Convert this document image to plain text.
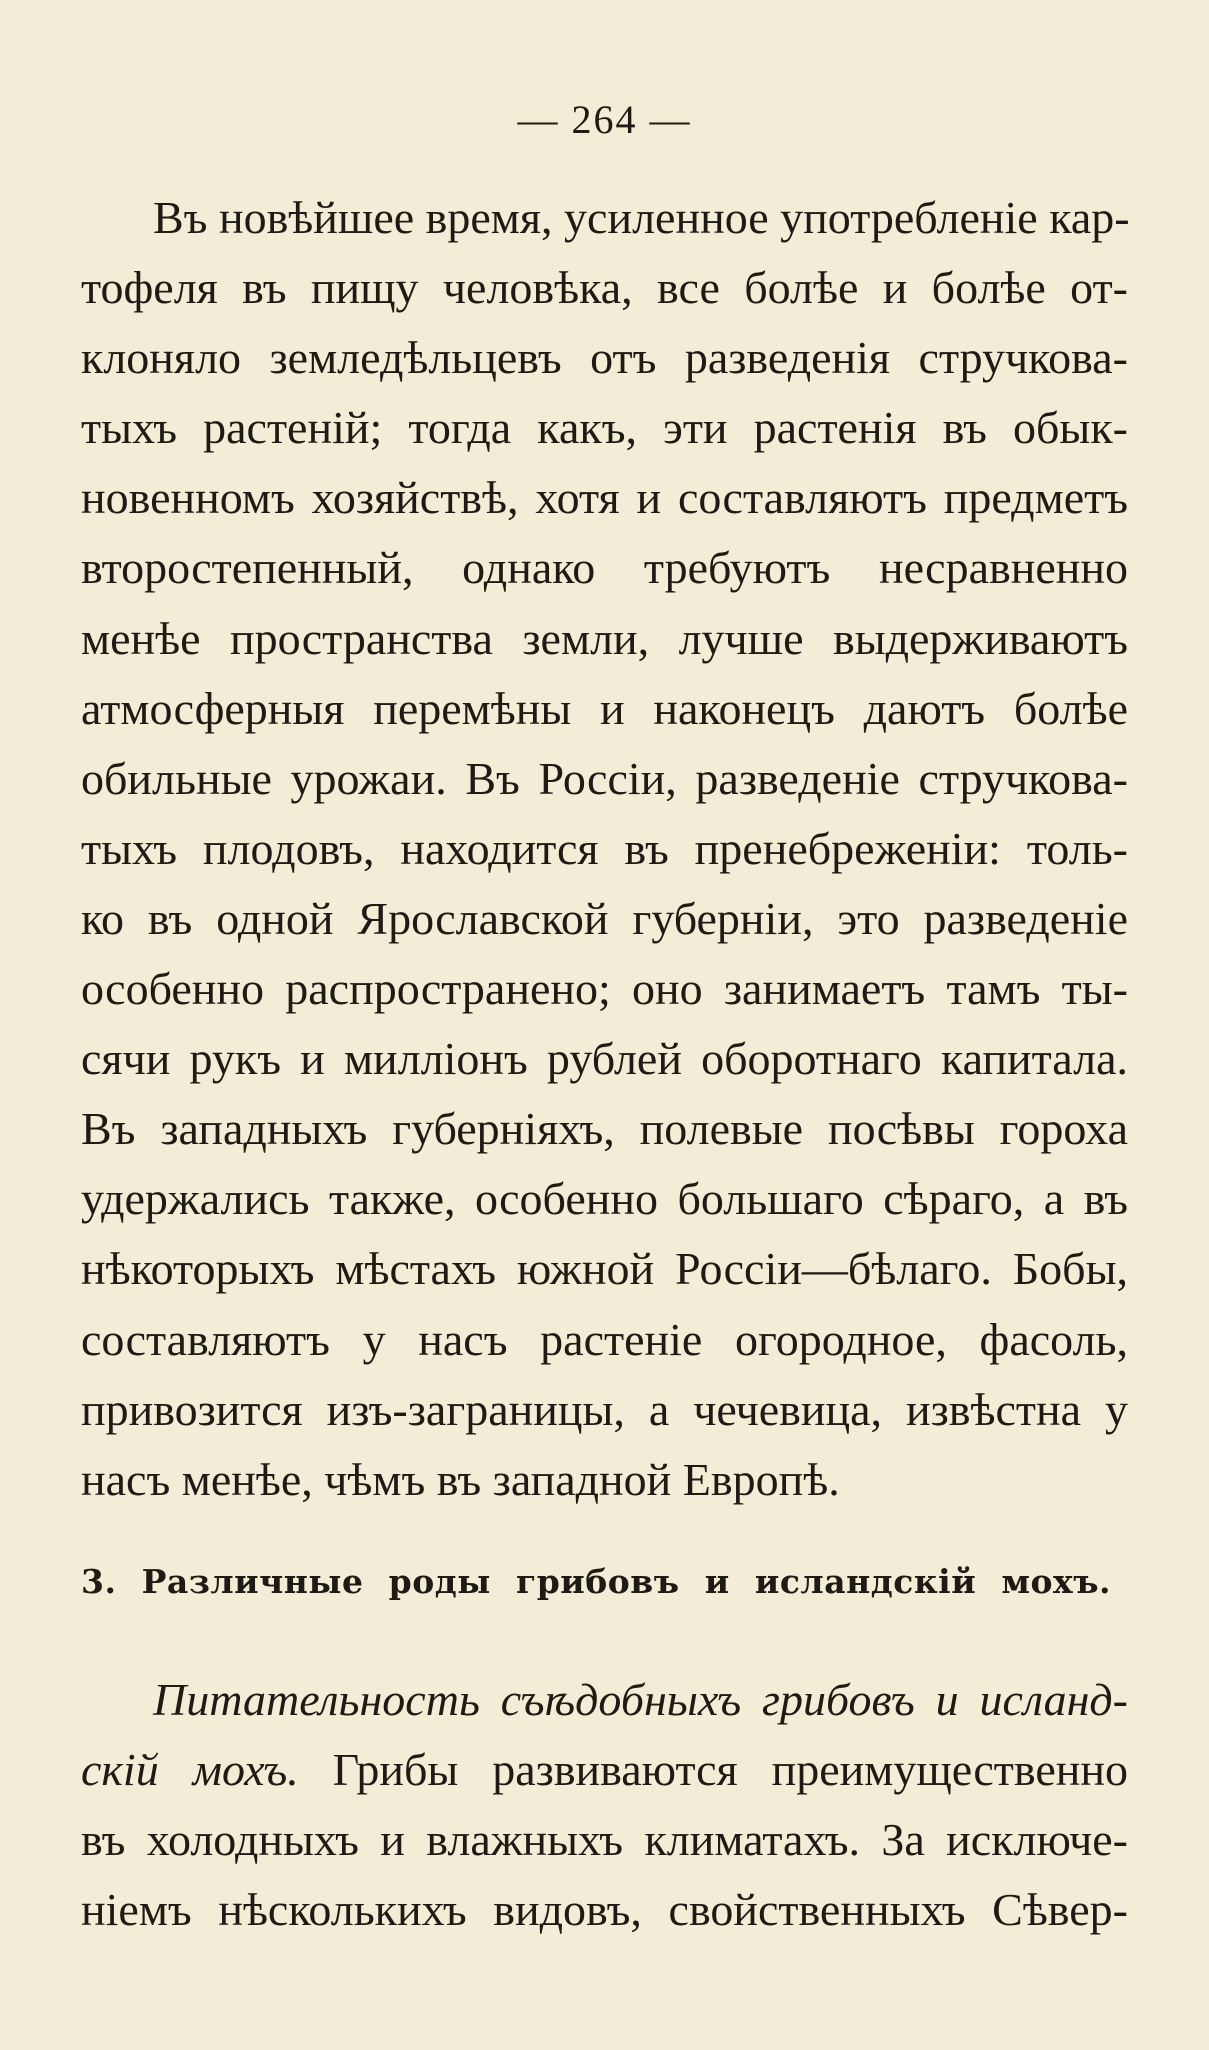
— 264 —
Въ новѣйшее время, усиленное употребленіе кар-
тофеля въ пищу человѣка, все болѣе и болѣе от-
клоняло земледѣльцевъ отъ разведенія стручкова-
тыхъ растеній; тогда какъ, эти растенія въ обык-
новенномъ хозяйствѣ, хотя и составляютъ предметъ
второстепенный, однако требуютъ несравненно
менѣе пространства земли, лучше выдерживаютъ
атмосферныя перемѣны и наконецъ даютъ болѣе
обильные урожаи. Въ Россіи, разведеніе стручкова-
тыхъ плодовъ, находится въ пренебреженіи: толь-
ко въ одной Ярославской губерніи, это разведеніе
особенно распространено; оно занимаетъ тамъ ты-
сячи рукъ и милліонъ рублей оборотнаго капитала.
Въ западныхъ губерніяхъ, полевые посѣвы гороха
удержались также, особенно большаго сѣраго, а въ
нѣкоторыхъ мѣстахъ южной Россіи—бѣлаго. Бобы,
составляютъ у насъ растеніе огородное, фасоль,
привозится изъ-заграницы, а чечевица, извѣстна у
насъ менѣе, чѣмъ въ западной Европѣ.
3. Различные роды грибовъ и исландскій мохъ.
Питательность съѣдобныхъ грибовъ и исланд-
скій мохъ. Грибы развиваются преимущественно
въ холодныхъ и влажныхъ климатахъ. За исключе-
ніемъ нѣсколькихъ видовъ, свойственныхъ Сѣвер-
